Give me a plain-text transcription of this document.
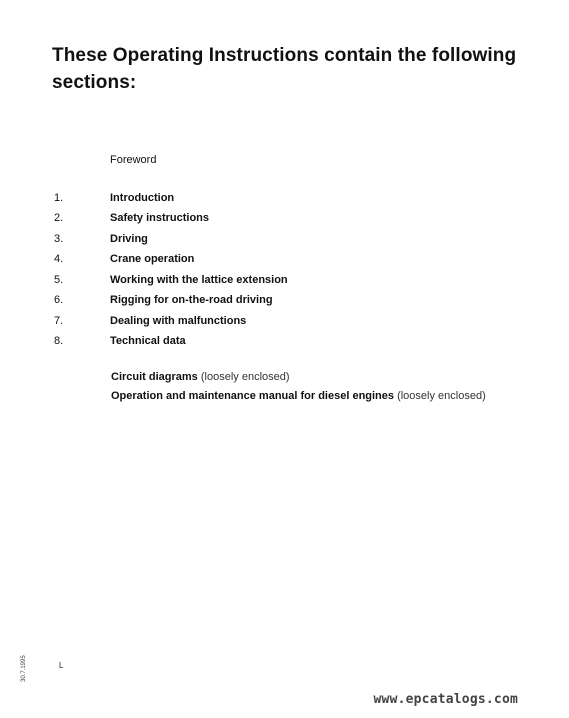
These Operating Instructions contain the following sections:
Foreword
1.	Introduction
2.	Safety instructions
3.	Driving
4.	Crane operation
5.	Working with the lattice extension
6.	Rigging for on-the-road driving
7.	Dealing with malfunctions
8.	Technical data
Circuit diagrams (loosely enclosed)
Operation and maintenance manual for diesel engines (loosely enclosed)
L
30.7.1995
www.epcatalogs.com
